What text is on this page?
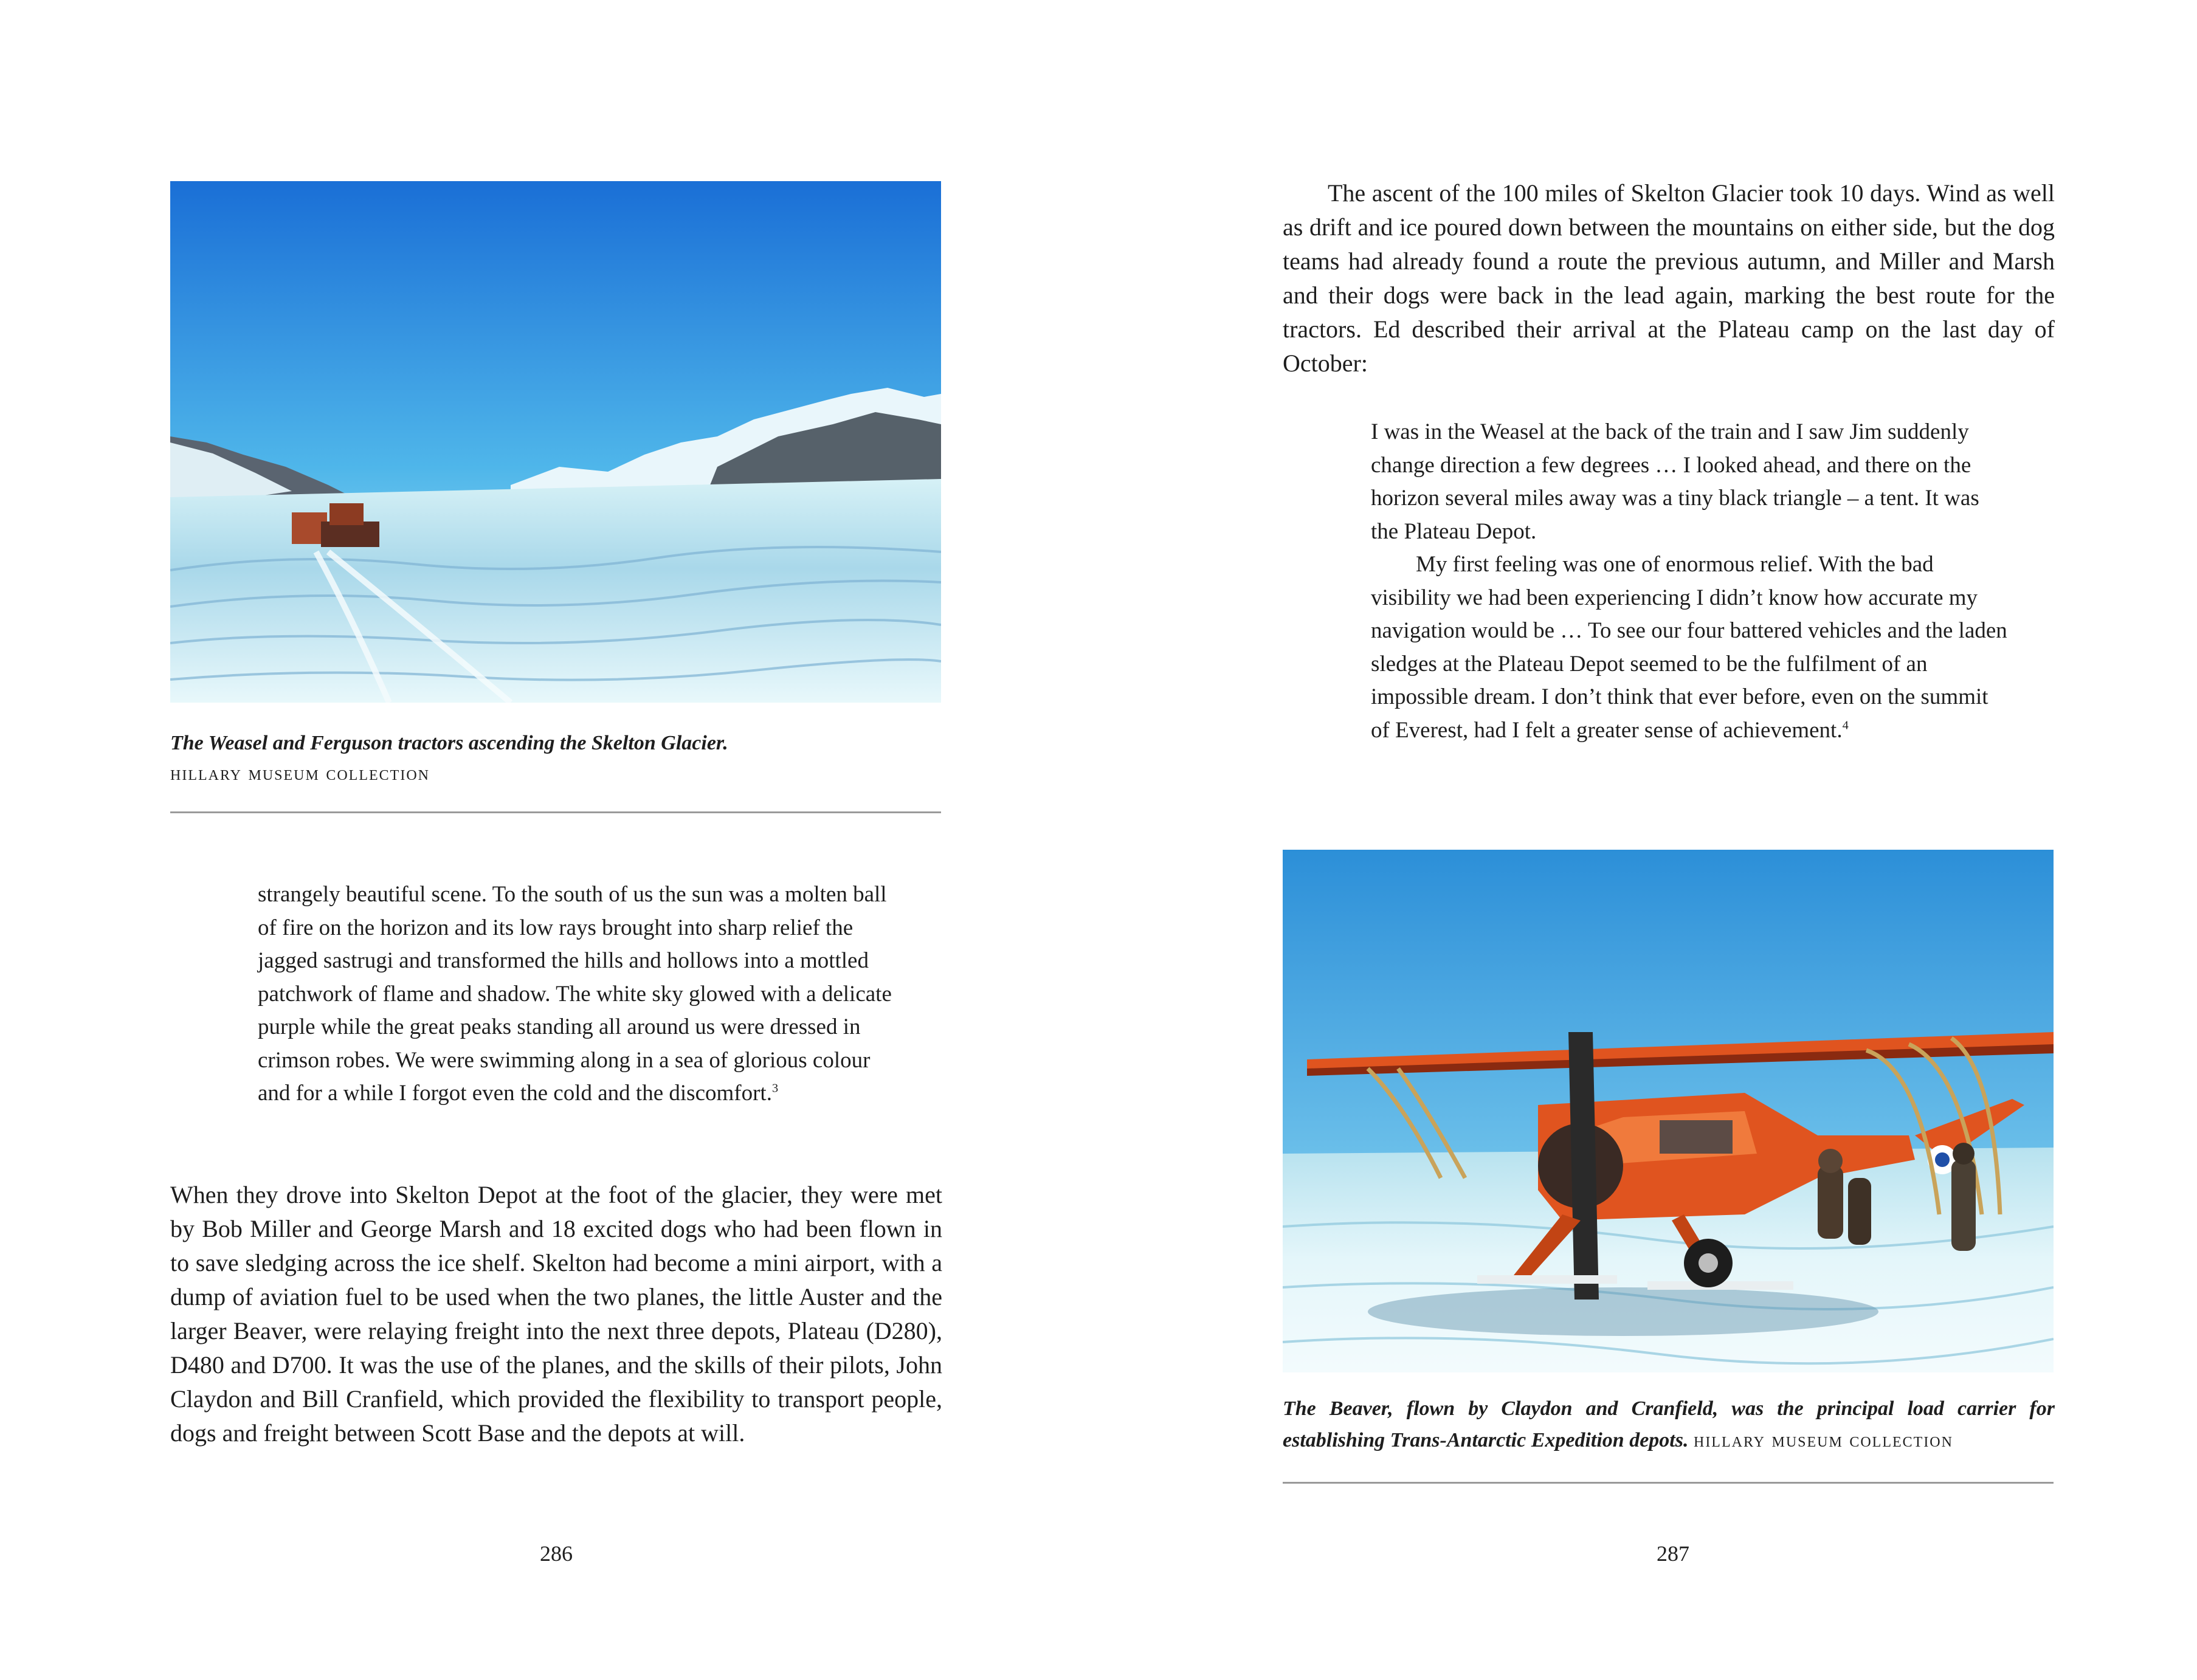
The Weasel and Ferguson tractors ascending the Skelton Glacier.
hillary museum collection

strangely beautiful scene. To the south of us the sun was a molten ball of fire on the horizon and its low rays brought into sharp relief the jagged sastrugi and transformed the hills and hollows into a mottled patchwork of flame and shadow. The white sky glowed with a delicate purple while the great peaks standing all around us were dressed in crimson robes. We were swimming along in a sea of glorious colour and for a while I forgot even the cold and the discomfort.$^3$

When they drove into Skelton Depot at the foot of the glacier, they were met by Bob Miller and George Marsh and 18 excited dogs who had been flown in to save sledging across the ice shelf. Skelton had become a mini airport, with a dump of aviation fuel to be used when the two planes, the little Auster and the larger Beaver, were relaying freight into the next three depots, Plateau (D280), D480 and D700. It was the use of the planes, and the skills of their pilots, John Claydon and Bill Cranfield, which provided the flexibility to transport people, dogs and freight between Scott Base and the depots at will.

286

The ascent of the 100 miles of Skelton Glacier took 10 days. Wind as well as drift and ice poured down between the mountains on either side, but the dog teams had already found a route the previous autumn, and Miller and Marsh and their dogs were back in the lead again, marking the best route for the tractors. Ed described their arrival at the Plateau camp on the last day of October:

I was in the Weasel at the back of the train and I saw Jim suddenly change direction a few degrees … I looked ahead, and there on the horizon several miles away was a tiny black triangle – a tent. It was the Plateau Depot.

My first feeling was one of enormous relief. With the bad visibility we had been experiencing I didn’t know how accurate my navigation would be … To see our four battered vehicles and the laden sledges at the Plateau Depot seemed to be the fulfilment of an impossible dream. I don’t think that ever before, even on the summit of Everest, had I felt a greater sense of achievement.$^4$

The Beaver, flown by Claydon and Cranfield, was the principal load carrier for establishing Trans-Antarctic Expedition depots. hillary museum collection
287
